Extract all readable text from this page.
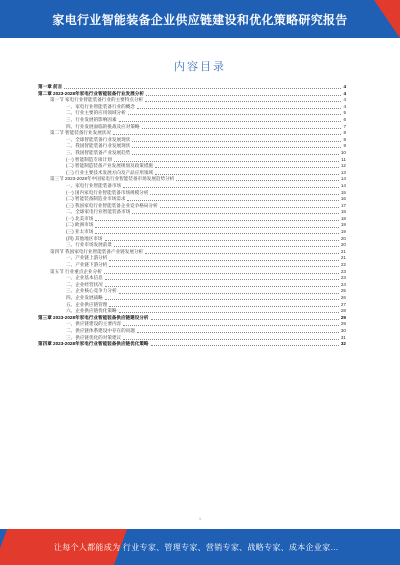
家电行业智能装备企业供应链建设和优化策略研究报告
内容目录
第一章 前言	4
第二章 2023-2028年家电行业智能装备行业发展分析	4
第一节 家电行业智能装备行业的主要特点分析	4
一、家电行业智能装备行业的概念	4
二、行业主要的应用领域分析	5
三、行业发展的影响因素	6
四、行业发展面临的挑战及应对策略	7
第二节 智能装备行业发展状况	8
一、全球智能装备行业发展现状	8
二、我国智能装备行业发展现状	9
三、我国智能装备产业发展趋势	10
(一) 智能制造专项计划	11
(二) 智能制造装备产业发展规划及政策措施	12
(三) 行业主要技术发展方向及产品应用领域	13
第三节 2023-2028年中国家电行业智能装备市场发展趋势分析	14
一、家电行业智能装备市场	14
(一) 国内家电行业智能装备市场规模分析	15
(二) 智能装备制造业市场需求	16
(三) 我国家电行业智能装备企业竞争格局分析	17
二、全球家电行业智能装备市场	18
(一) 北美市场	18
(二) 欧洲市场	19
(三) 亚太市场	19
(四) 其他地区市场	20
三、行业市场发展前景	20
第四节 我国家电行业智能装备产业链发展分析	21
一、产业链上游分析	21
二、产业链下游分析	22
第五节 行业重点企业分析	23
一、企业基本信息	23
二、企业经营状况	24
三、企业核心竞争力分析	25
四、企业发展战略	26
五、企业供应链管理	27
六、企业供应链优化策略	28
第三章 2023-2028年家电行业智能装备供应链建设分析	29
一、供应链建设的主要内容	29
二、供应链体系建设中存在的问题	30
三、供应链优化的对策建议	31
第四章 2023-2028年家电行业智能装备供应链优化策略	32
1
让每个人都能成为 行业专家、管理专家、营销专家、战略专家、成本企业家…
